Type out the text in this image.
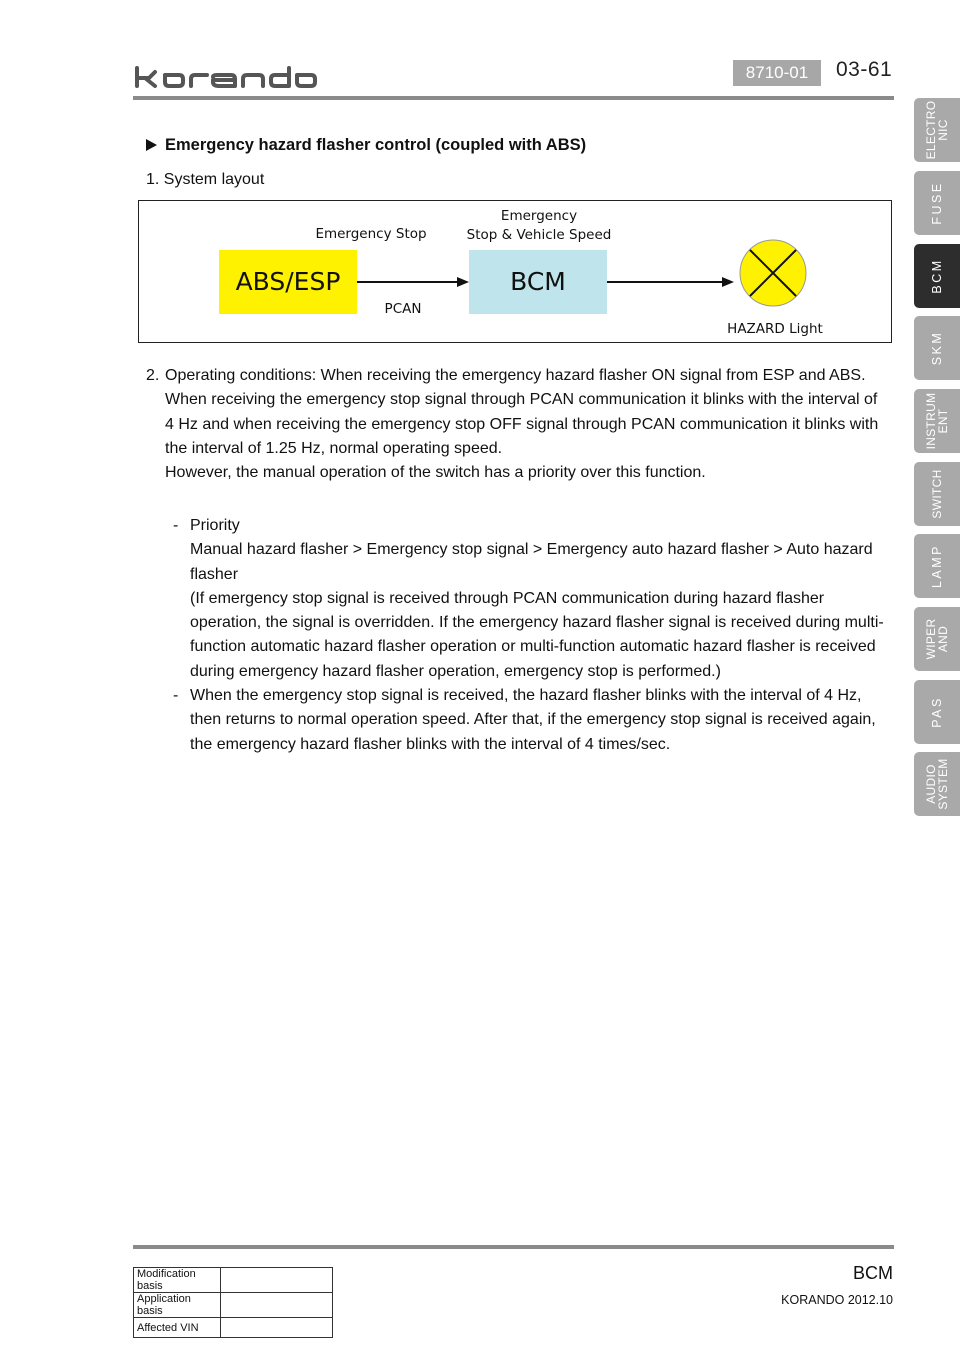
korando	8710-01	03-61
ELECTRO
NIC
FUSE
BCM
SKM
INSTRUM
ENT
SWITCH
LAMP
WIPER
AND
PAS
AUDIO
SYSTEM
Emergency hazard flasher control (coupled with ABS)
1. System layout
Emergency Stop
Emergency
Stop & Vehicle Speed
ABS/ESP	BCM
PCAN
HAZARD Light
2. Operating conditions: When receiving the emergency hazard flasher ON signal from ESP and ABS.
When receiving the emergency stop signal through PCAN communication it blinks with the interval of
4 Hz and when receiving the emergency stop OFF signal through PCAN communication it blinks with
the interval of 1.25 Hz, normal operating speed.
However, the manual operation of the switch has a priority over this function.
- Priority
Manual hazard flasher > Emergency stop signal > Emergency auto hazard flasher > Auto hazard
flasher
(If emergency stop signal is received through PCAN communication during hazard flasher
operation, the signal is overridden. If the emergency hazard flasher signal is received during multi-
function automatic hazard flasher operation or multi-function automatic hazard flasher is received
during emergency hazard flasher operation, emergency stop is performed.)
- When the emergency stop signal is received, the hazard flasher blinks with the interval of 4 Hz,
then returns to normal operation speed. After that, if the emergency stop signal is received again,
the emergency hazard flasher blinks with the interval of 4 times/sec.
BCM
KORANDO 2012.10
Modification basis	
Application basis	
Affected VIN	
